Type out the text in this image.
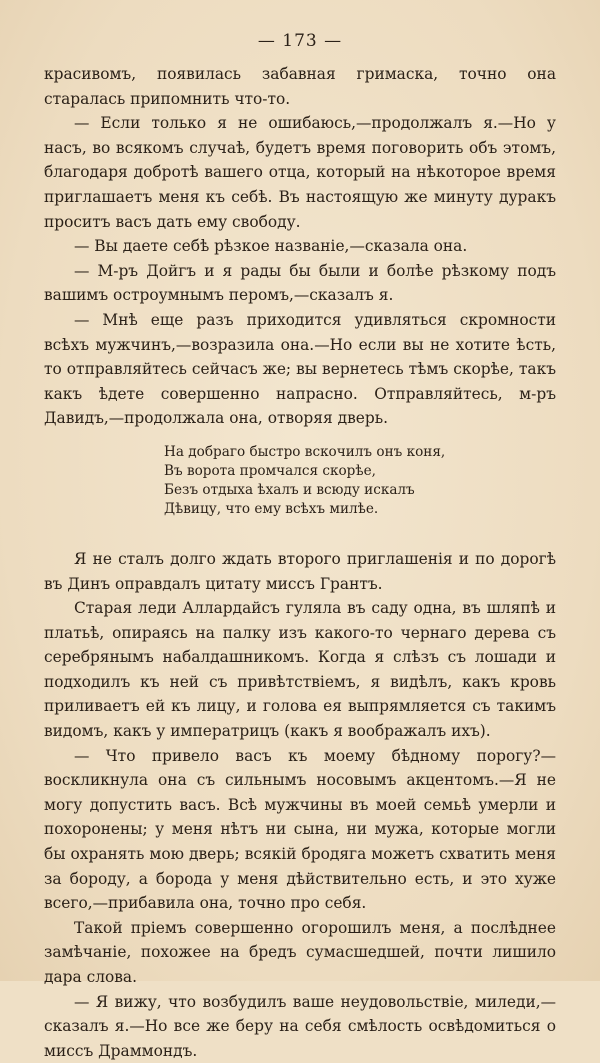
— 173 —

красивомъ, появилась забавная гримаска, точно она старалась припомнить что-то.

— Если только я не ошибаюсь,—продолжалъ я.—Но у насъ, во всякомъ случаѣ, будетъ время поговорить объ этомъ, благодаря добротѣ вашего отца, который на нѣкоторое время приглашаетъ меня къ себѣ. Въ настоящую же минуту дуракъ проситъ васъ дать ему свободу.

— Вы даете себѣ рѣзкое названіе,—сказала она.

— М-ръ Дойгъ и я рады бы были и болѣе рѣзкому подъ вашимъ остроумнымъ перомъ,—сказалъ я.

— Мнѣ еще разъ приходится удивляться скромности всѣхъ мужчинъ,—возразила она.—Но если вы не хотите ѣсть, то отправляйтесь сейчасъ же; вы вернетесь тѣмъ скорѣе, такъ какъ ѣдете совершенно напрасно. Отправляйтесь, м-ръ Давидъ,—продолжала она, отворяя дверь.

На добраго быстро вскочилъ онъ коня,
Въ ворота промчался скорѣе,
Безъ отдыха ѣхалъ и всюду искалъ
Дѣвицу, что ему всѣхъ милѣе.

Я не сталъ долго ждать второго приглашенія и по дорогѣ въ Динъ оправдалъ цитату миссъ Грантъ.

Старая леди Аллардайсъ гуляла въ саду одна, въ шляпѣ и платьѣ, опираясь на палку изъ какого-то чернаго дерева съ серебрянымъ набалдашникомъ. Когда я слѣзъ съ лошади и подходилъ къ ней съ привѣтствіемъ, я видѣлъ, какъ кровь приливаетъ ей къ лицу, и голова ея выпрямляется съ такимъ видомъ, какъ у императрицъ (какъ я воображалъ ихъ).

— Что привело васъ къ моему бѣдному порогу?—воскликнула она съ сильнымъ носовымъ акцентомъ.—Я не могу допустить васъ. Всѣ мужчины въ моей семьѣ умерли и похоронены; у меня нѣтъ ни сына, ни мужа, которые могли бы охранять мою дверь; всякій бродяга можетъ схватить меня за бороду, а борода у меня дѣйствительно есть, и это хуже всего,—прибавила она, точно про себя.

Такой пріемъ совершенно огорошилъ меня, а послѣднее замѣчаніе, похожее на бредъ сумасшедшей, почти лишило дара слова.

— Я вижу, что возбудилъ ваше неудовольствіе, миледи,—сказалъ я.—Но все же беру на себя смѣлость освѣдомиться о миссъ Драммондъ.
